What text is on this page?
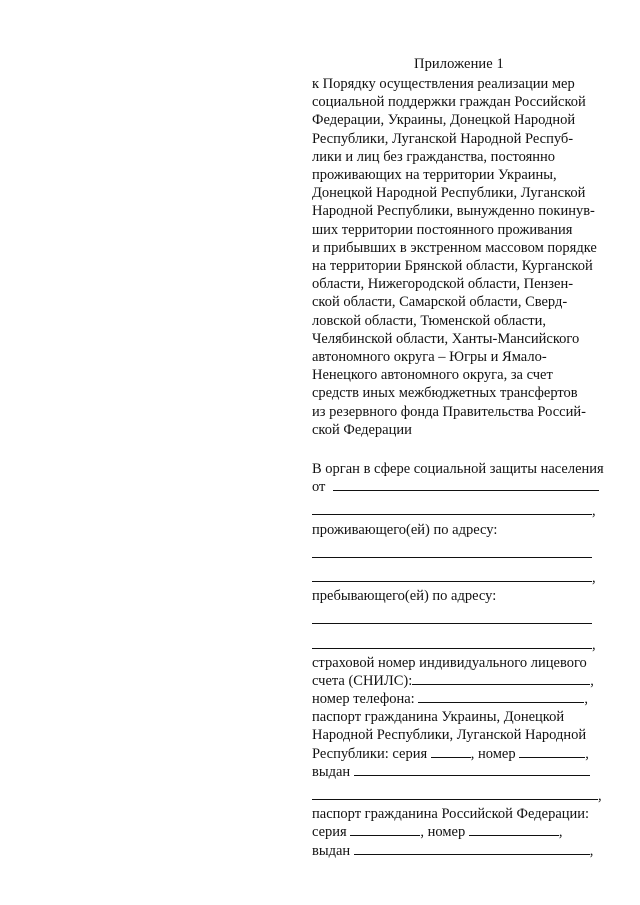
Приложение 1
к Порядку осуществления реализации мер
социальной поддержки граждан Российской
Федерации, Украины, Донецкой Народной
Республики, Луганской Народной Респуб-
лики и лиц без гражданства, постоянно
проживающих на территории Украины,
Донецкой Народной Республики, Луганской
Народной Республики, вынужденно покинув-
ших территории постоянного проживания
и прибывших в экстренном массовом порядке
на территории Брянской области, Курганской
области, Нижегородской области, Пензен-
ской области, Самарской области, Сверд-
ловской области, Тюменской области,
Челябинской области, Ханты-Мансийского
автономного округа – Югры и Ямало-
Ненецкого автономного округа, за счет
средств иных межбюджетных трансфертов
из резервного фонда Правительства Россий-
ской Федерации
В орган в сфере социальной защиты населения
от
,
проживающего(ей) по адресу:
,
пребывающего(ей) по адресу:
,
страховой номер индивидуального лицевого
счета (СНИЛС):	,
номер телефона:	,
паспорт гражданина Украины, Донецкой
Народной Республики, Луганской Народной
Республики: серия	, номер	,
выдан
,
паспорт гражданина Российской Федерации:
серия	, номер	,
выдан	,
